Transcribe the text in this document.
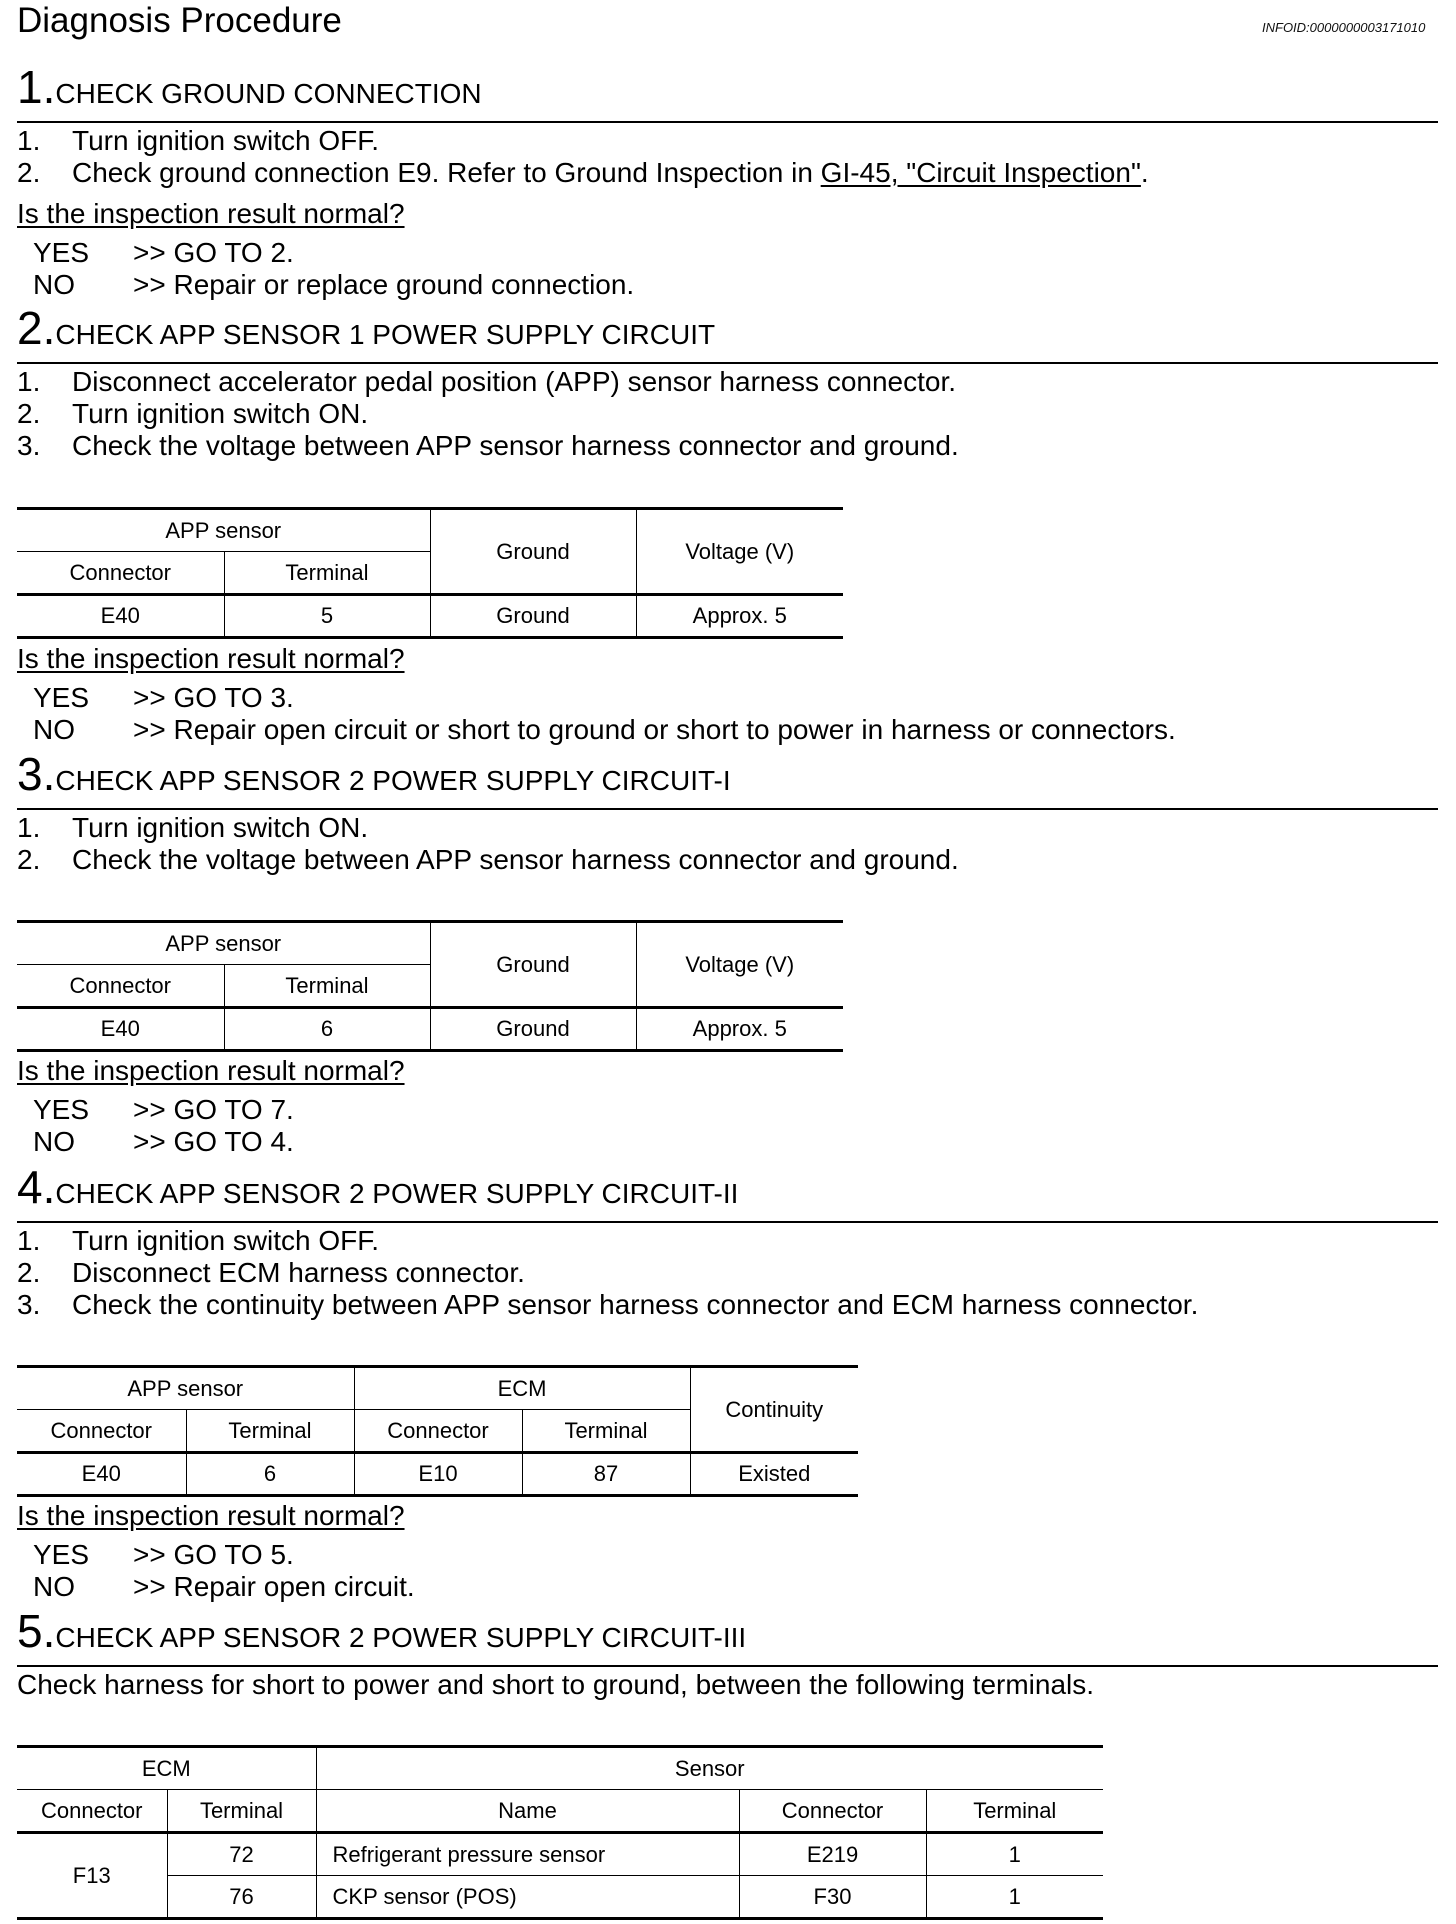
Diagnosis Procedure	INFOID:0000000003171010
1.CHECK GROUND CONNECTION
1. Turn ignition switch OFF.
2. Check ground connection E9. Refer to Ground Inspection in GI-45, "Circuit Inspection".
Is the inspection result normal?
YES >> GO TO 2.
NO >> Repair or replace ground connection.
2.CHECK APP SENSOR 1 POWER SUPPLY CIRCUIT
1. Disconnect accelerator pedal position (APP) sensor harness connector.
2. Turn ignition switch ON.
3. Check the voltage between APP sensor harness connector and ground.
APP sensor		Ground	Voltage (V)
Connector	Terminal		
E40	5	Ground	Approx. 5
Is the inspection result normal?
YES >> GO TO 3.
NO >> Repair open circuit or short to ground or short to power in harness or connectors.
3.CHECK APP SENSOR 2 POWER SUPPLY CIRCUIT-I
1. Turn ignition switch ON.
2. Check the voltage between APP sensor harness connector and ground.
APP sensor		Ground	Voltage (V)
Connector	Terminal		
E40	6	Ground	Approx. 5
Is the inspection result normal?
YES >> GO TO 7.
NO >> GO TO 4.
4.CHECK APP SENSOR 2 POWER SUPPLY CIRCUIT-II
1. Turn ignition switch OFF.
2. Disconnect ECM harness connector.
3. Check the continuity between APP sensor harness connector and ECM harness connector.
APP sensor		ECM		Continuity
Connector	Terminal	Connector	Terminal	
E40	6	E10	87	Existed
Is the inspection result normal?
YES >> GO TO 5.
NO >> Repair open circuit.
5.CHECK APP SENSOR 2 POWER SUPPLY CIRCUIT-III
Check harness for short to power and short to ground, between the following terminals.
ECM		Sensor		
Connector	Terminal	Name	Connector	Terminal
F13	72	Refrigerant pressure sensor	E219	1
	76	CKP sensor (POS)	F30	1
